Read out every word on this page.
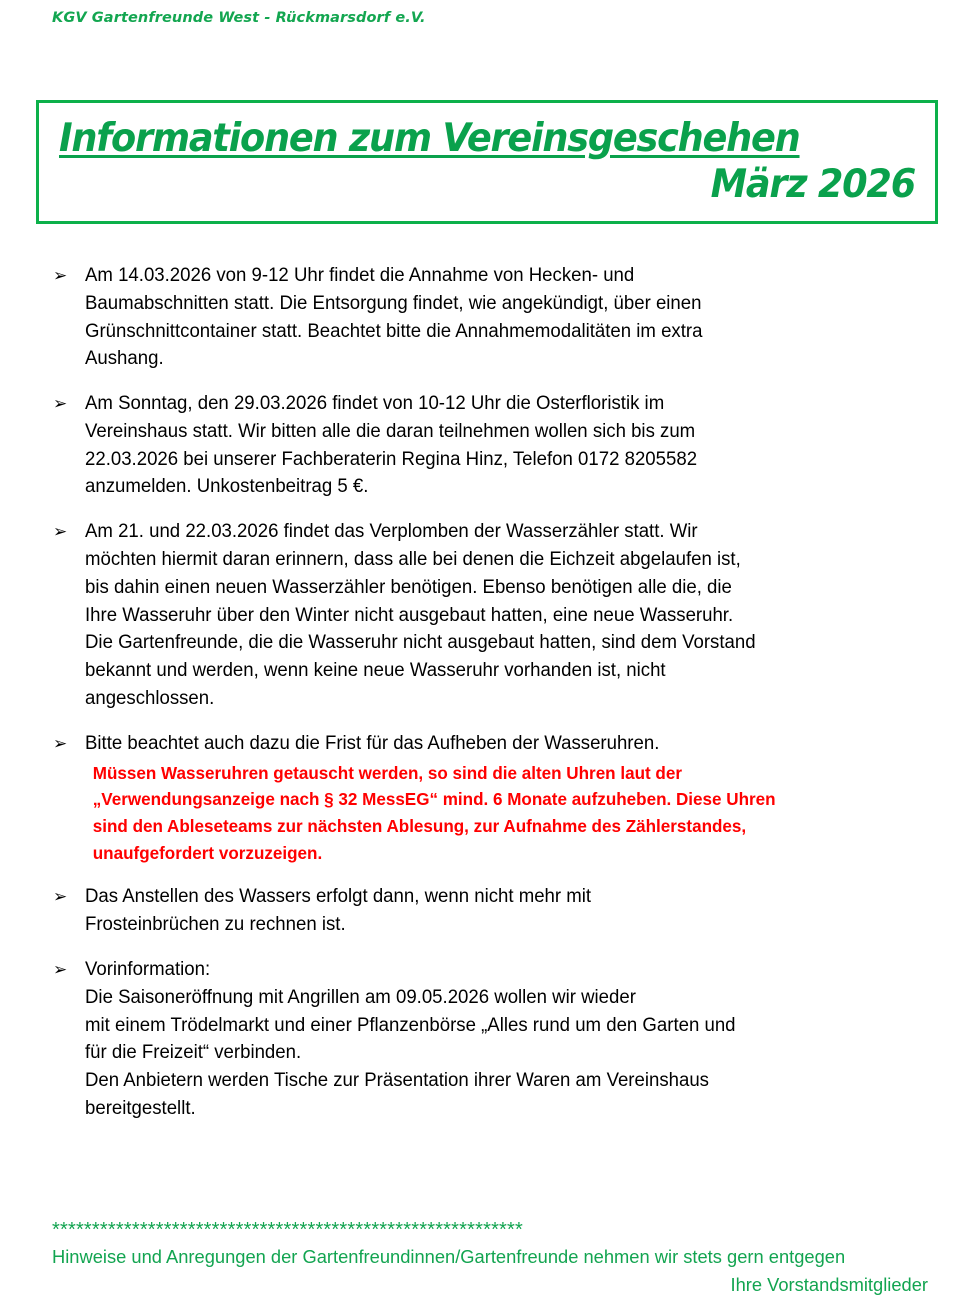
KGV Gartenfreunde West - Rückmarsdorf e.V.
Informationen zum Vereinsgeschehen
März 2026
➢ Am 14.03.2026 von 9-12 Uhr findet die Annahme von Hecken- und
Baumabschnitten statt. Die Entsorgung findet, wie angekündigt, über einen
Grünschnittcontainer statt. Beachtet bitte die Annahmemodalitäten im extra
Aushang.
➢ Am Sonntag, den 29.03.2026 findet von 10-12 Uhr die Osterfloristik im
Vereinshaus statt. Wir bitten alle die daran teilnehmen wollen sich bis zum
22.03.2026 bei unserer Fachberaterin Regina Hinz, Telefon 0172 8205582
anzumelden. Unkostenbeitrag 5 €.
➢ Am 21. und 22.03.2026 findet das Verplomben der Wasserzähler statt. Wir
möchten hiermit daran erinnern, dass alle bei denen die Eichzeit abgelaufen ist,
bis dahin einen neuen Wasserzähler benötigen. Ebenso benötigen alle die, die
Ihre Wasseruhr über den Winter nicht ausgebaut hatten, eine neue Wasseruhr.
Die Gartenfreunde, die die Wasseruhr nicht ausgebaut hatten, sind dem Vorstand
bekannt und werden, wenn keine neue Wasseruhr vorhanden ist, nicht
angeschlossen.
➢ Bitte beachtet auch dazu die Frist für das Aufheben der Wasseruhren.
Müssen Wasseruhren getauscht werden, so sind die alten Uhren laut der
„Verwendungsanzeige nach § 32 MessEG“ mind. 6 Monate aufzuheben. Diese Uhren
sind den Ableseteams zur nächsten Ablesung, zur Aufnahme des Zählerstandes,
unaufgefordert vorzuzeigen.
➢ Das Anstellen des Wassers erfolgt dann, wenn nicht mehr mit
Frosteinbrüchen zu rechnen ist.
➢ Vorinformation:
Die Saisoneröffnung mit Angrillen am 09.05.2026 wollen wir wieder
mit einem Trödelmarkt und einer Pflanzenbörse „Alles rund um den Garten und
für die Freizeit“ verbinden.
Den Anbietern werden Tische zur Präsentation ihrer Waren am Vereinshaus
bereitgestellt.
***********************************************************
Hinweise und Anregungen der Gartenfreundinnen/Gartenfreunde nehmen wir stets gern entgegen
Ihre Vorstandsmitglieder
